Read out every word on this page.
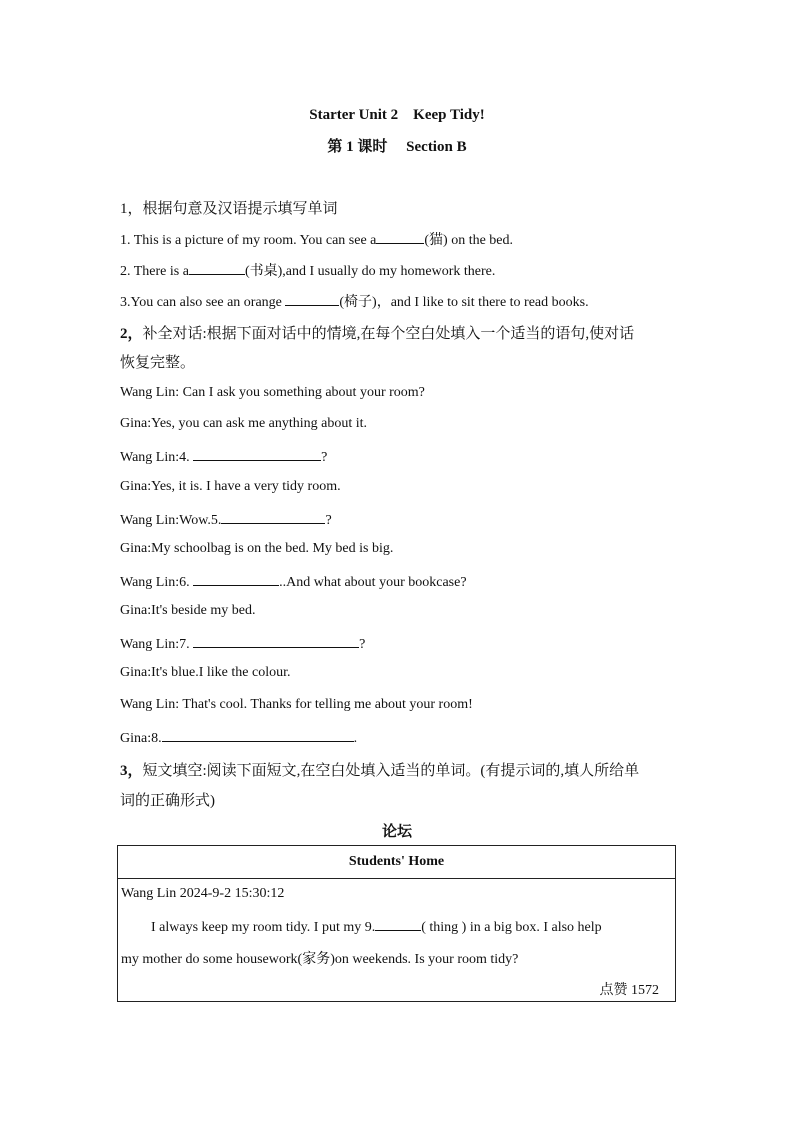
Starter Unit 2　Keep Tidy!
第 1 课时　 Section B
1，根据句意及汉语提示填写单词
1. This is a picture of my room. You can see a	(猫) on the bed.
2. There is a	(书桌),and I usually do my homework there.
3.You can also see an orange	(椅子)，and I like to sit there to read books.
2，补全对话:根据下面对话中的情境,在每个空白处填入一个适当的语句,使对话
恢复完整。
Wang Lin: Can I ask you something about your room?
Gina:Yes, you can ask me anything about it.
Wang Lin:4.	?
Gina:Yes, it is. I have a very tidy room.
Wang Lin:Wow.5.	?
Gina:My schoolbag is on the bed. My bed is big.
Wang Lin:6.	..And what about your bookcase?
Gina:It's beside my bed.
Wang Lin:7.	?
Gina:It's blue.I like the colour.
Wang Lin: That's cool. Thanks for telling me about your room!
Gina:8.	.
3，短文填空:阅读下面短文,在空白处填入适当的单词。(有提示词的,填人所给单
词的正确形式)
论坛
Students' Home
Wang Lin 2024-9-2 15:30:12
I always keep my room tidy. I put my 9.	( thing ) in a big box. I also help
my mother do some housework(家务)on weekends. Is your room tidy?
点赞 1572
